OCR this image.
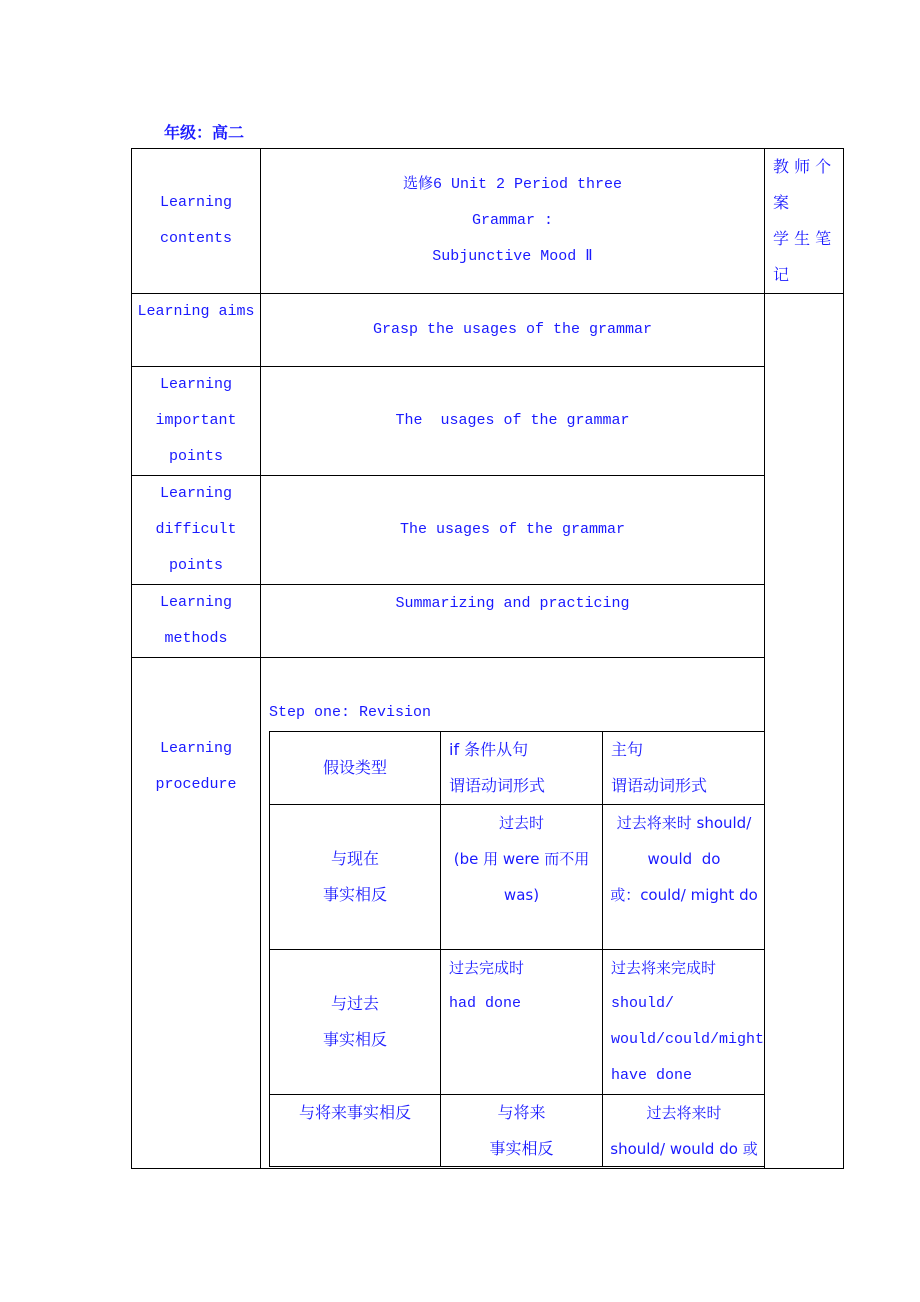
年级：高二
Learning
contents
选修6 Unit 2 Period three
Grammar :
Subjunctive Mood Ⅱ
教 师 个
案
学 生 笔
记
Learning aims
Grasp the usages of the grammar
Learning
important
points
The  usages of the grammar
Learning
difficult
points
The usages of the grammar
Learning
methods
Summarizing and practicing
Learning
procedure
Step one: Revision
假设类型
if 条件从句
谓语动词形式
主句
谓语动词形式
与现在
事实相反
过去时
(be 用 were 而不用
was)
过去将来时 should/
would  do
或：could/ might do
与过去
事实相反
过去完成时
had done
过去将来完成时
should/
would/could/might
have done
与将来事实相反	与将来
事实相反
过去将来时
should/ would do 或
